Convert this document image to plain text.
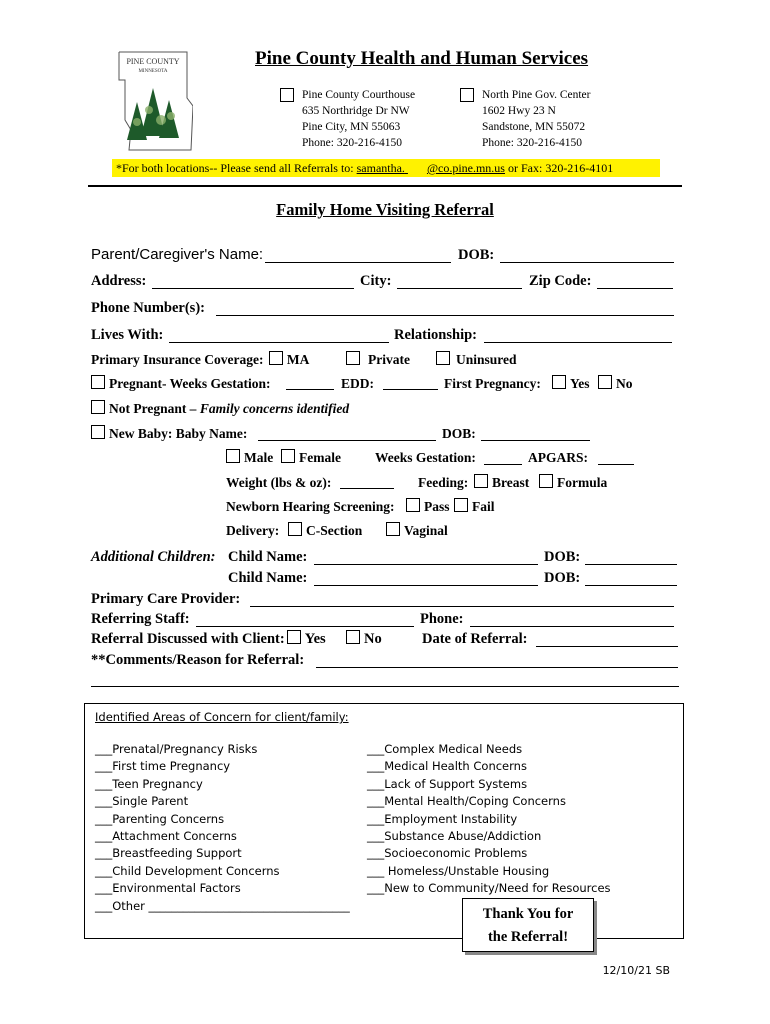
PINE COUNTY
MINNESOTA
Pine County Health and Human Services
Pine County Courthouse
635 Northridge Dr NW
Pine City, MN 55063
Phone: 320-216-4150
North Pine Gov. Center
1602 Hwy 23 N
Sandstone, MN 55072
Phone: 320-216-4150
*For both locations-- Please send all Referrals to: samantha. @co.pine.mn.us or Fax: 320-216-4101
Family Home Visiting Referral
Parent/Caregiver's Name:	DOB:
Address:	City:	Zip Code:
Phone Number(s):
Lives With:	Relationship:
Primary Insurance Coverage: MA	Private	Uninsured
Pregnant- Weeks Gestation:	EDD:	First Pregnancy:	Yes	No
Not Pregnant – Family concerns identified
New Baby: Baby Name:	DOB:
Male	Female	Weeks Gestation:	APGARS:
Weight (lbs & oz):	Feeding:	Breast	Formula
Newborn Hearing Screening:	Pass	Fail
Delivery:	C-Section	Vaginal
Additional Children: Child Name:	DOB:
Child Name:	DOB:
Primary Care Provider:
Referring Staff:	Phone:
Referral Discussed with Client: Yes	No	Date of Referral:
**Comments/Reason for Referral:
Identified Areas of Concern for client/family:
___Prenatal/Pregnancy Risks
___First time Pregnancy
___Teen Pregnancy
___Single Parent
___Parenting Concerns
___Attachment Concerns
___Breastfeeding Support
___Child Development Concerns
___Environmental Factors
___Other ___________________________________
___Complex Medical Needs
___Medical Health Concerns
___Lack of Support Systems
___Mental Health/Coping Concerns
___Employment Instability
___Substance Abuse/Addiction
___Socioeconomic Problems
___ Homeless/Unstable Housing
___New to Community/Need for Resources
Thank You for
the Referral!
12/10/21 SB
